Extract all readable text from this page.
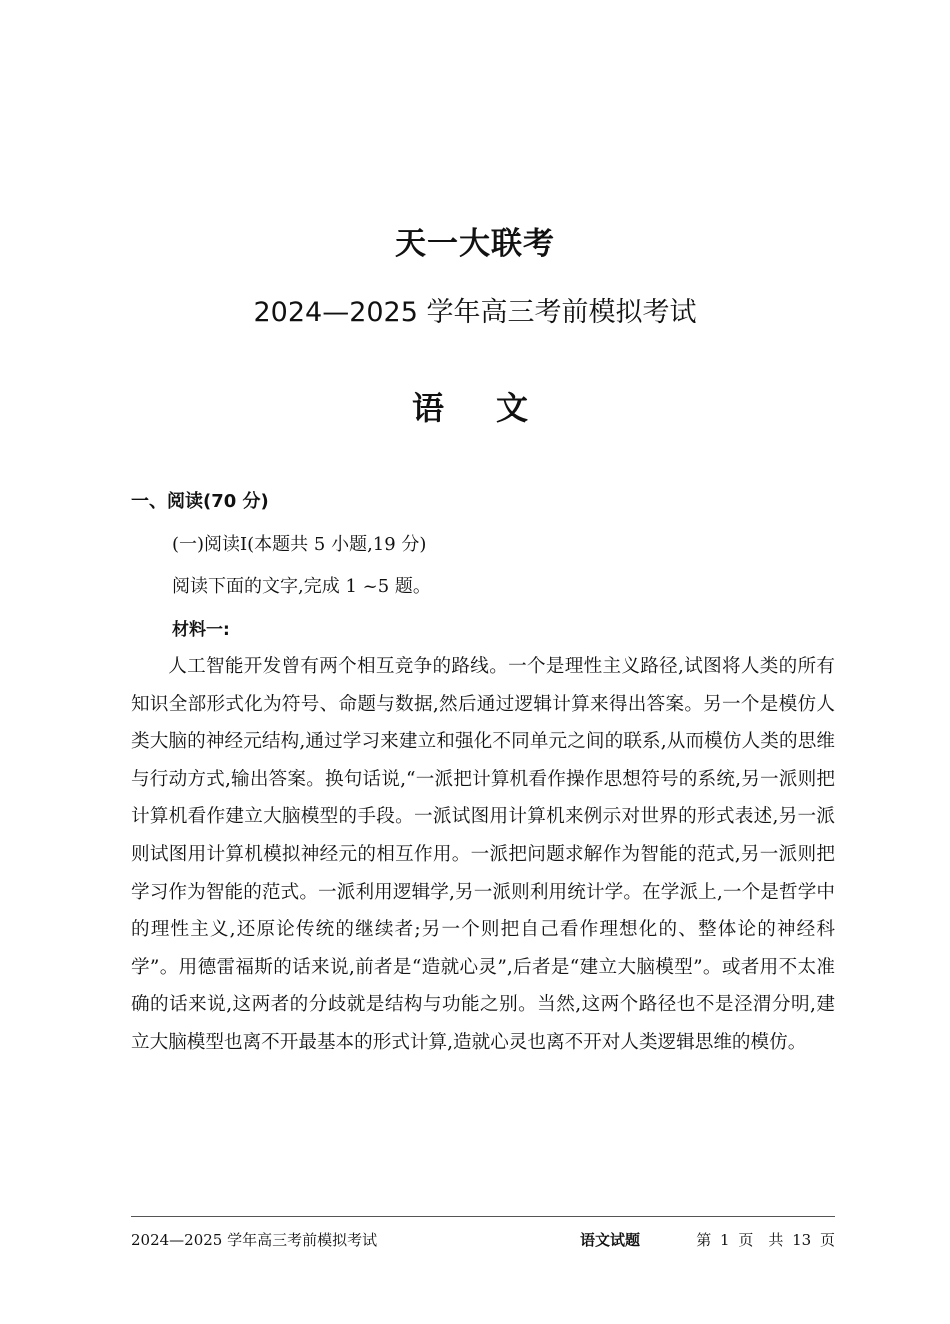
天一大联考
2024—2025 学年高三考前模拟考试
语　文
一、阅读(70 分)
(一)阅读Ⅰ(本题共 5 小题,19 分)
阅读下面的文字,完成 1 ~5 题。
材料一:

人工智能开发曾有两个相互竞争的路线。一个是理性主义路径,试图将人类的所有知识全部形式化为符号、命题与数据,然后通过逻辑计算来得出答案。另一个是模仿人类大脑的神经元结构,通过学习来建立和强化不同单元之间的联系,从而模仿人类的思维与行动方式,输出答案。换句话说,“一派把计算机看作操作思想符号的系统,另一派则把计算机看作建立大脑模型的手段。一派试图用计算机来例示对世界的形式表述,另一派则试图用计算机模拟神经元的相互作用。一派把问题求解作为智能的范式,另一派则把学习作为智能的范式。一派利用逻辑学,另一派则利用统计学。在学派上,一个是哲学中的理性主义,还原论传统的继续者;另一个则把自己看作理想化的、整体论的神经科学”。用德雷福斯的话来说,前者是“造就心灵”,后者是“建立大脑模型”。或者用不太准确的话来说,这两者的分歧就是结构与功能之别。当然,这两个路径也不是泾渭分明,建立大脑模型也离不开最基本的形式计算,造就心灵也离不开对人类逻辑思维的模仿。

2024—2025 学年高三考前模拟考试	语文试题	第 1 页　共 13 页
